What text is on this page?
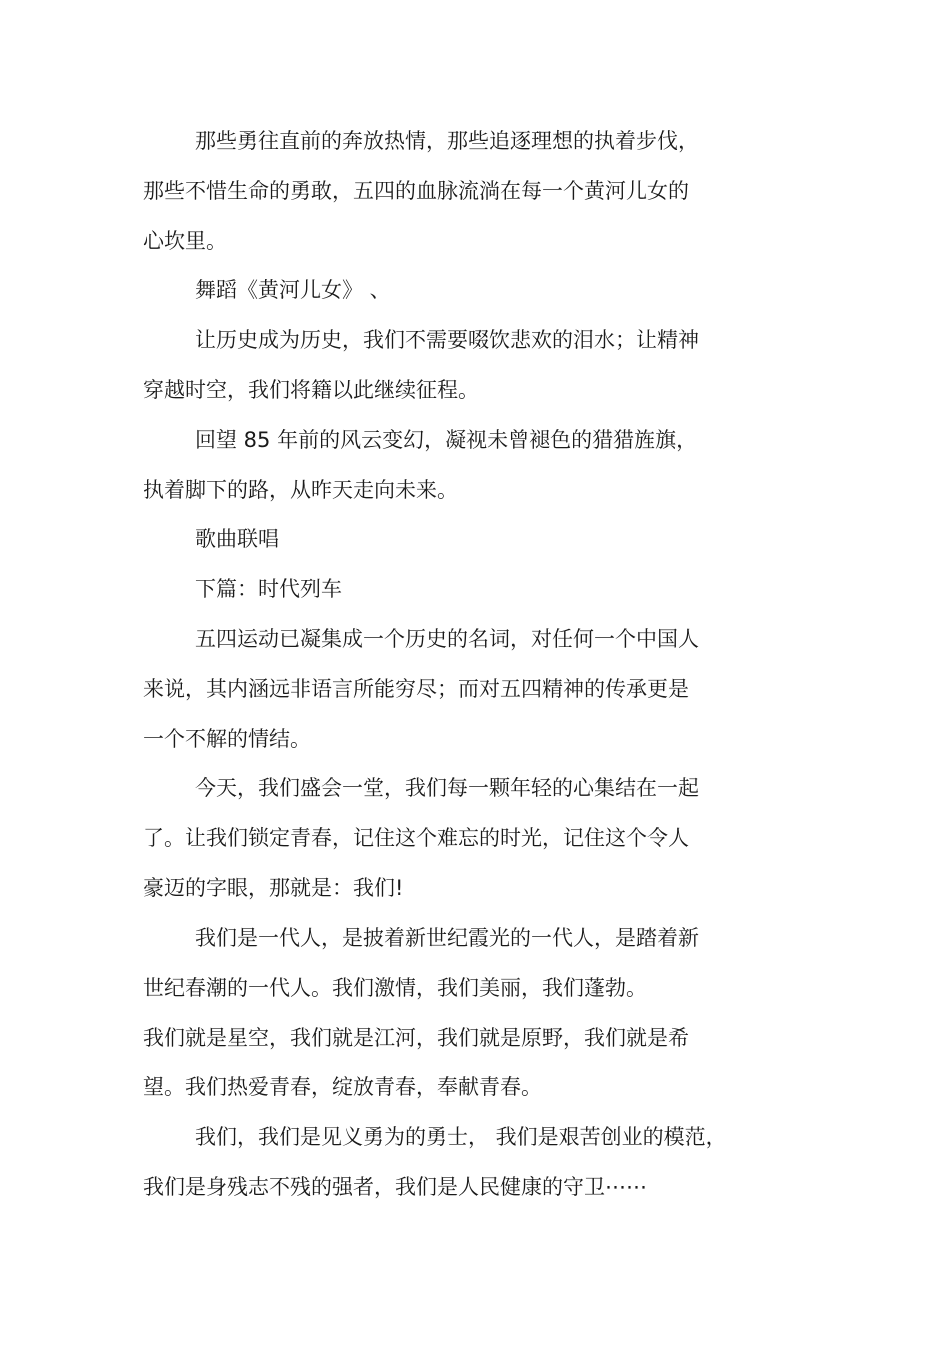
那些勇往直前的奔放热情，那些追逐理想的执着步伐，
那些不惜生命的勇敢，五四的血脉流淌在每一个黄河儿女的
心坎里。
舞蹈《黄河儿女》 、
让历史成为历史，我们不需要啜饮悲欢的泪水；让精神
穿越时空，我们将籍以此继续征程。
回望 85 年前的风云变幻，凝视未曾褪色的猎猎旌旗，
执着脚下的路，从昨天走向未来。
歌曲联唱
下篇：时代列车
五四运动已凝集成一个历史的名词，对任何一个中国人
来说，其内涵远非语言所能穷尽；而对五四精神的传承更是
一个不解的情结。
今天，我们盛会一堂，我们每一颗年轻的心集结在一起
了。让我们锁定青春，记住这个难忘的时光，记住这个令人
豪迈的字眼，那就是：我们!
我们是一代人，是披着新世纪霞光的一代人，是踏着新
世纪春潮的一代人。我们激情，我们美丽，我们蓬勃。
我们就是星空，我们就是江河，我们就是原野，我们就是希
望。我们热爱青春，绽放青春，奉献青春。
我们，我们是见义勇为的勇士， 我们是艰苦创业的模范，
我们是身残志不残的强者，我们是人民健康的守卫⋯⋯
